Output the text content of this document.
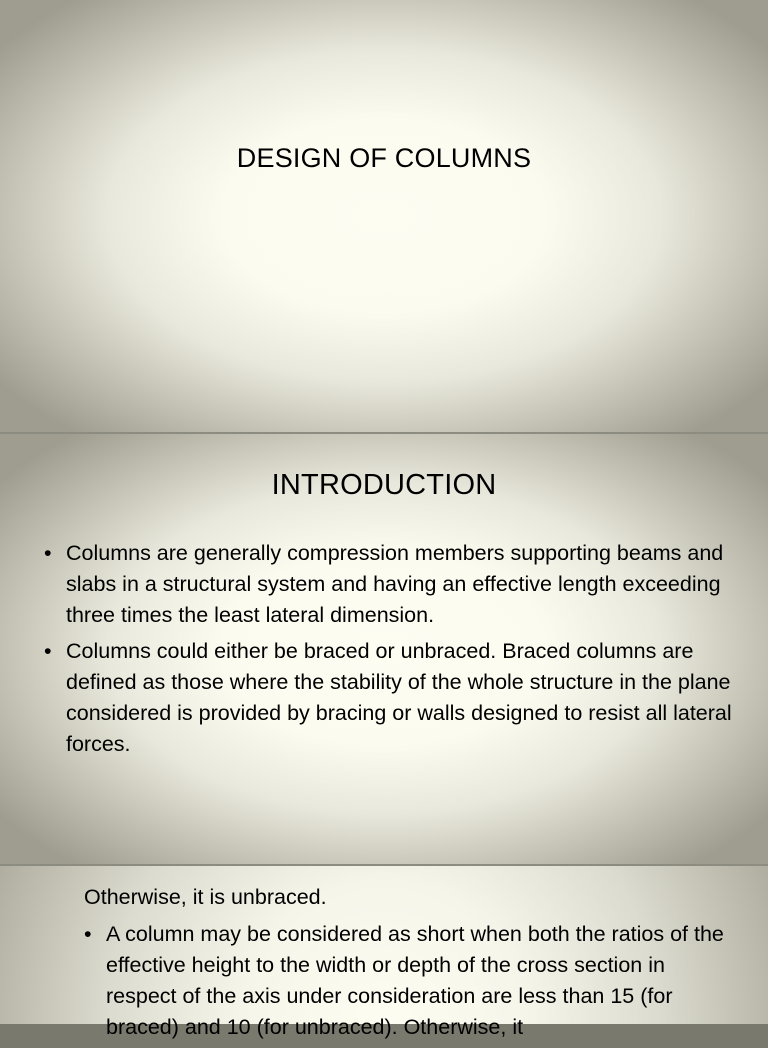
DESIGN OF COLUMNS
INTRODUCTION
• Columns are generally compression members supporting beams and slabs in a structural system and having an effective length exceeding three times the least lateral dimension.
• Columns could either be braced or unbraced. Braced columns are defined as those where the stability of the whole structure in the plane considered is provided by bracing or walls designed to resist all lateral forces.

Otherwise, it is unbraced.

• A column may be considered as short when both the ratios of the effective height to the width or depth of the cross section in respect of the axis under consideration are less than 15 (for braced) and 10 (for unbraced). Otherwise, it
